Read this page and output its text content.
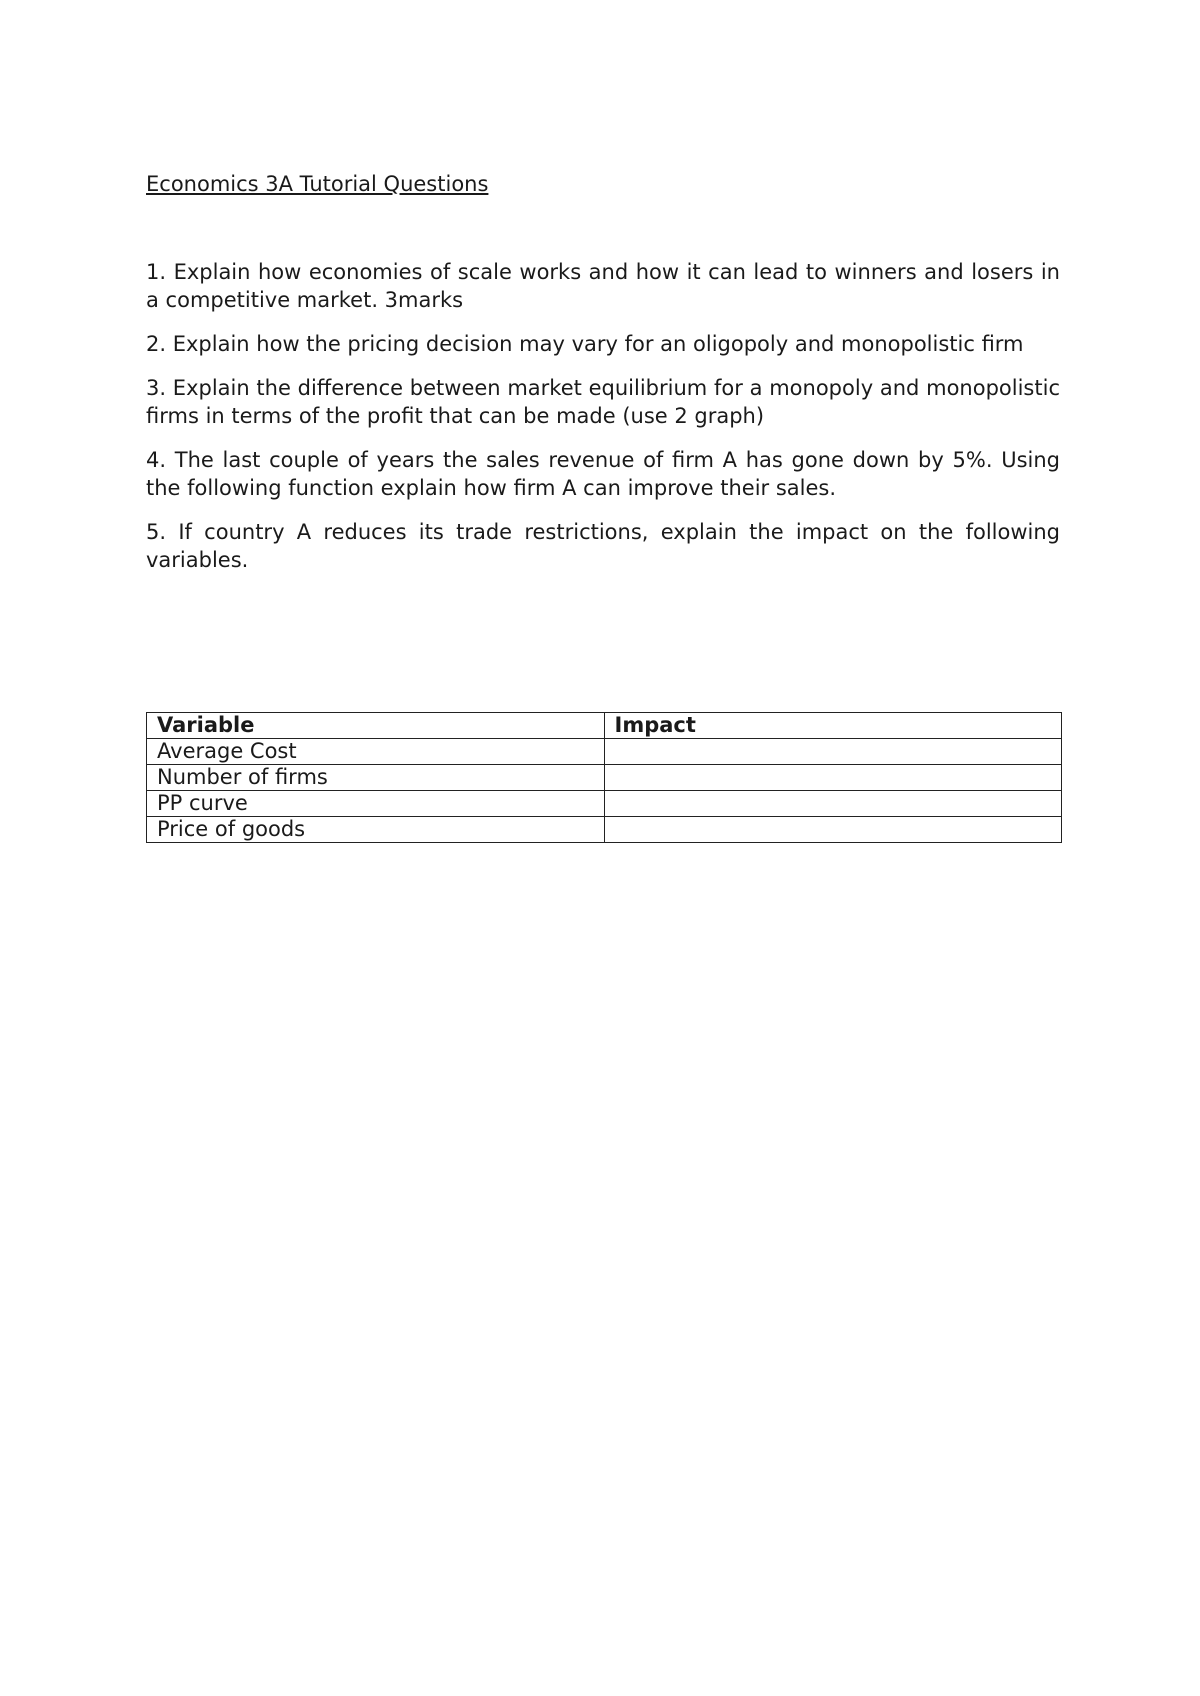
Economics 3A Tutorial Questions

1. Explain how economies of scale works and how it can lead to winners and losers in a competitive market. 3marks

2. Explain how the pricing decision may vary for an oligopoly and monopolistic firm

3. Explain the difference between market equilibrium for a monopoly and monopolistic firms in terms of the profit that can be made (use 2 graph)

4. The last couple of years the sales revenue of firm A has gone down by 5%. Using the following function explain how firm A can improve their sales.

5. If country A reduces its trade restrictions, explain the impact on the following variables.

Variable	Impact
Average Cost	
Number of firms	
PP curve	
Price of goods	
